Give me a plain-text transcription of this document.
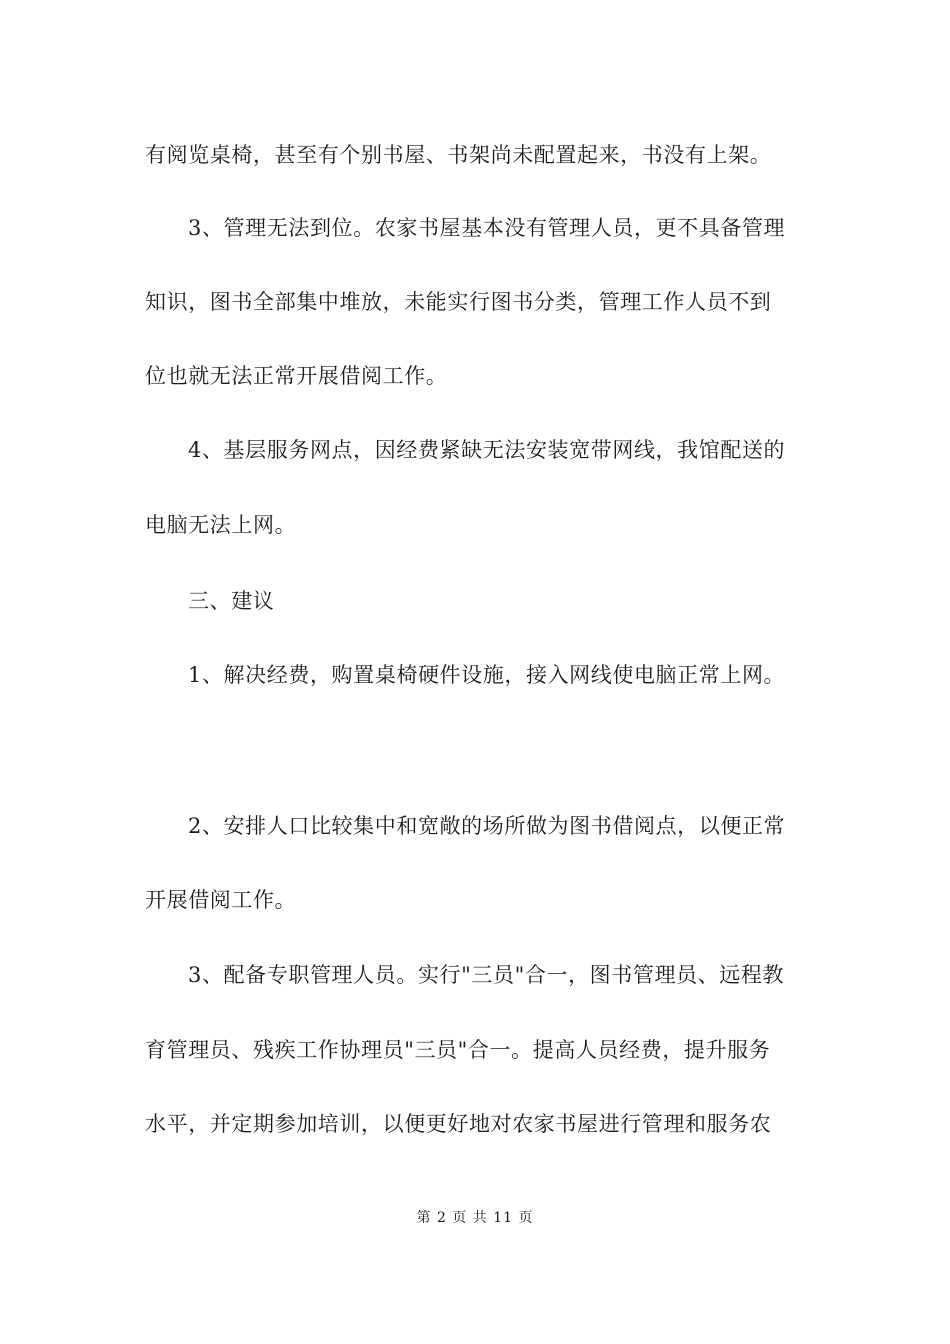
有阅览桌椅，甚至有个别书屋、书架尚未配置起来，书没有上架。
3、管理无法到位。农家书屋基本没有管理人员，更不具备管理
知识，图书全部集中堆放，未能实行图书分类，管理工作人员不到
位也就无法正常开展借阅工作。
4、基层服务网点，因经费紧缺无法安装宽带网线，我馆配送的
电脑无法上网。
三、建议
1、解决经费，购置桌椅硬件设施，接入网线使电脑正常上网。
2、安排人口比较集中和宽敞的场所做为图书借阅点，以便正常
开展借阅工作。
3、配备专职管理人员。实行"三员"合一，图书管理员、远程教
育管理员、残疾工作协理员"三员"合一。提高人员经费，提升服务
水平，并定期参加培训，以便更好地对农家书屋进行管理和服务农
第 2 页 共 11 页
